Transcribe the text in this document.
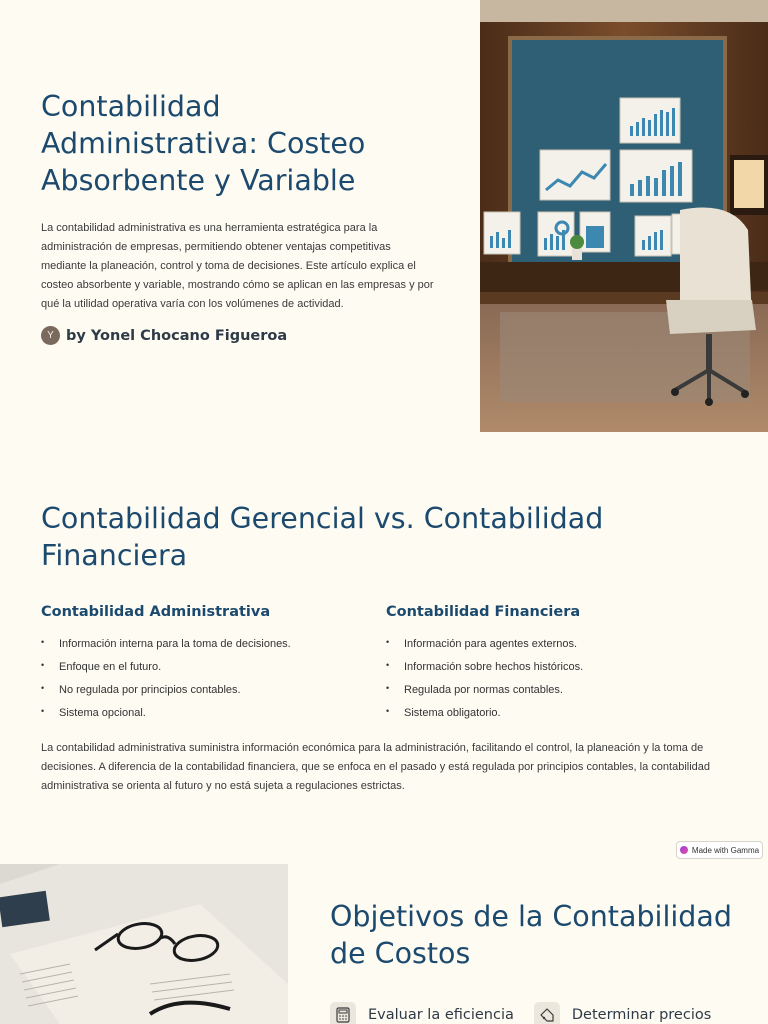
Contabilidad Administrativa: Costeo Absorbente y Variable

La contabilidad administrativa es una herramienta estratégica para la administración de empresas, permitiendo obtener ventajas competitivas mediante la planeación, control y toma de decisiones. Este artículo explica el costeo absorbente y variable, mostrando cómo se aplican en las empresas y por qué la utilidad operativa varía con los volúmenes de actividad.

Y by Yonel Chocano Figueroa
Contabilidad Gerencial vs. Contabilidad Financiera
Contabilidad Administrativa
• Información interna para la toma de decisiones.
• Enfoque en el futuro.
• No regulada por principios contables.
• Sistema opcional.
Contabilidad Financiera
• Información para agentes externos.
• Información sobre hechos históricos.
• Regulada por normas contables.
• Sistema obligatorio.

La contabilidad administrativa suministra información económica para la administración, facilitando el control, la planeación y la toma de decisiones. A diferencia de la contabilidad financiera, que se enfoca en el pasado y está regulada por principios contables, la contabilidad administrativa se orienta al futuro y no está sujeta a regulaciones estrictas.

Made with Gamma
Objetivos de la Contabilidad de Costos
Evaluar la eficiencia	Determinar precios
